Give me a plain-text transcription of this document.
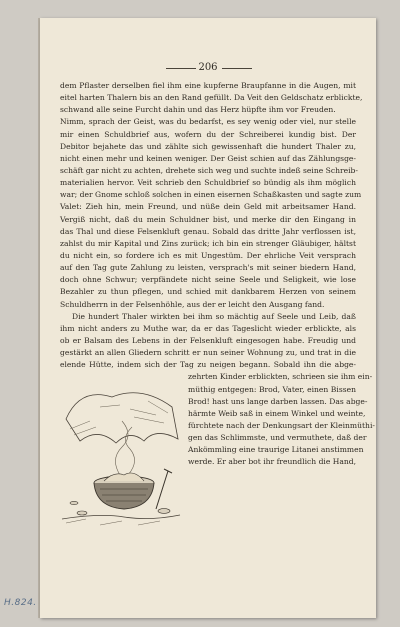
206
dem Pflaster derselben fiel ihm eine kupferne Braupfanne in die Augen, mit
eitel harten Thalern bis an den Rand gefüllt. Da Veit den Geldschatz erblickte,
schwand alle seine Furcht dahin und das Herz hüpfte ihm vor Freuden.
Nimm, sprach der Geist, was du bedarfst, es sey wenig oder viel, nur stelle
mir einen Schuldbrief aus, wofern du der Schreiberei kundig bist. Der
Debitor bejahete das und zählte sich gewissenhaft die hundert Thaler zu,
nicht einen mehr und keinen weniger. Der Geist schien auf das Zählungsge-
schäft gar nicht zu achten, drehete sich weg und suchte indeß seine Schreib-
materialien hervor. Veit schrieb den Schuldbrief so bündig als ihm möglich
war; der Gnome schloß solchen in einen eisernen Schaßkasten und sagte zum
Valet: Zieh hin, mein Freund, und nüße dein Geld mit arbeitsamer Hand.
Vergiß nicht, daß du mein Schuldner bist, und merke dir den Eingang in
das Thal und diese Felsenkluft genau. Sobald das dritte Jahr verflossen ist,
zahlst du mir Kapital und Zins zurück; ich bin ein strenger Gläubiger, hältst
du nicht ein, so fordere ich es mit Ungestüm. Der ehrliche Veit versprach
auf den Tag gute Zahlung zu leisten, versprach's mit seiner biedern Hand,
doch ohne Schwur; verpfändete nicht seine Seele und Seligkeit, wie lose
Bezahler zu thun pflegen, und schied mit dankbarem Herzen von seinem
Schuldherrn in der Felsenhöhle, aus der er leicht den Ausgang fand.
Die hundert Thaler wirkten bei ihm so mächtig auf Seele und Leib, daß
ihm nicht anders zu Muthe war, da er das Tageslicht wieder erblickte, als
ob er Balsam des Lebens in der Felsenkluft eingesogen habe. Freudig und
gestärkt an allen Gliedern schritt er nun seiner Wohnung zu, und trat in die
elende Hütte, indem sich der Tag zu neigen begann. Sobald ihn die abge-
zehrten Kinder erblickten, schrieen sie ihm ein-
müthig entgegen: Brod, Vater, einen Bissen
Brod! hast uns lange darben lassen. Das abge-
härmte Weib saß in einem Winkel und weinte,
fürchtete nach der Denkungsart der Kleinmüthi-
gen das Schlimmste, und vermuthete, daß der
Ankömmling eine traurige Litanei anstimmen
werde. Er aber bot ihr freundlich die Hand,
H.824.
